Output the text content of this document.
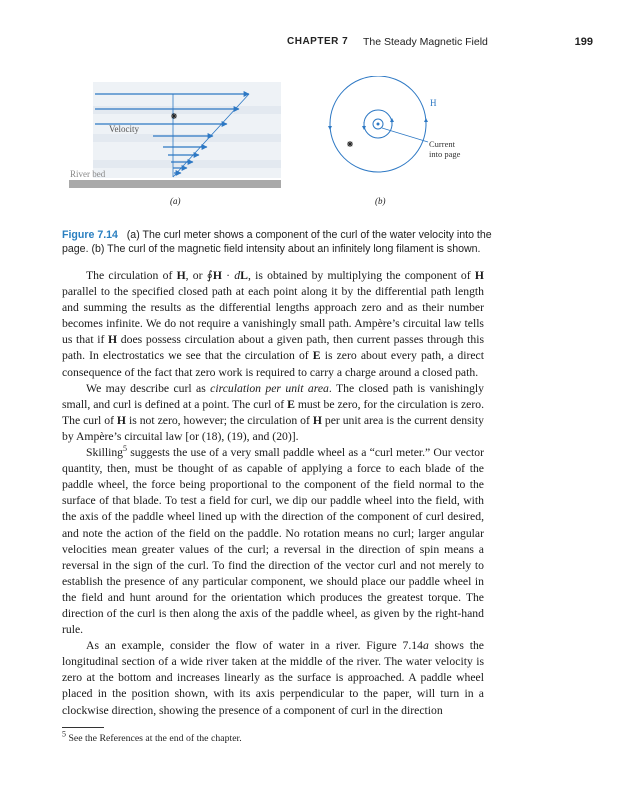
CHAPTER 7 The Steady Magnetic Field	199
Velocity
River bed
(a)
H
Current
into page
(b)
Figure 7.14 (a) The curl meter shows a component of the curl of the water velocity into the page. (b) The curl of the magnetic field intensity about an infinitely long filament is shown.

The circulation of H, or ∮H · dL, is obtained by multiplying the component of H parallel to the specified closed path at each point along it by the differential path length and summing the results as the differential lengths approach zero and as their number becomes infinite. We do not require a vanishingly small path. Ampère’s circuital law tells us that if H does possess circulation about a given path, then current passes through this path. In electrostatics we see that the circulation of E is zero about every path, a direct consequence of the fact that zero work is required to carry a charge around a closed path.

We may describe curl as circulation per unit area. The closed path is vanishingly small, and curl is defined at a point. The curl of E must be zero, for the circulation is zero. The curl of H is not zero, however; the circulation of H per unit area is the current density by Ampère’s circuital law [or (18), (19), and (20)].

Skilling$^5$ suggests the use of a very small paddle wheel as a “curl meter.” Our vector quantity, then, must be thought of as capable of applying a force to each blade of the paddle wheel, the force being proportional to the component of the field normal to the surface of that blade. To test a field for curl, we dip our paddle wheel into the field, with the axis of the paddle wheel lined up with the direction of the component of curl desired, and note the action of the field on the paddle. No rotation means no curl; larger angular velocities mean greater values of the curl; a reversal in the direction of spin means a reversal in the sign of the curl. To find the direction of the vector curl and not merely to establish the presence of any particular component, we should place our paddle wheel in the field and hunt around for the orientation which produces the greatest torque. The direction of the curl is then along the axis of the paddle wheel, as given by the right-hand rule.

As an example, consider the flow of water in a river. Figure 7.14a shows the longitudinal section of a wide river taken at the middle of the river. The water velocity is zero at the bottom and increases linearly as the surface is approached. A paddle wheel placed in the position shown, with its axis perpendicular to the paper, will turn in a clockwise direction, showing the presence of a component of curl in the direction

$^5$ See the References at the end of the chapter.
